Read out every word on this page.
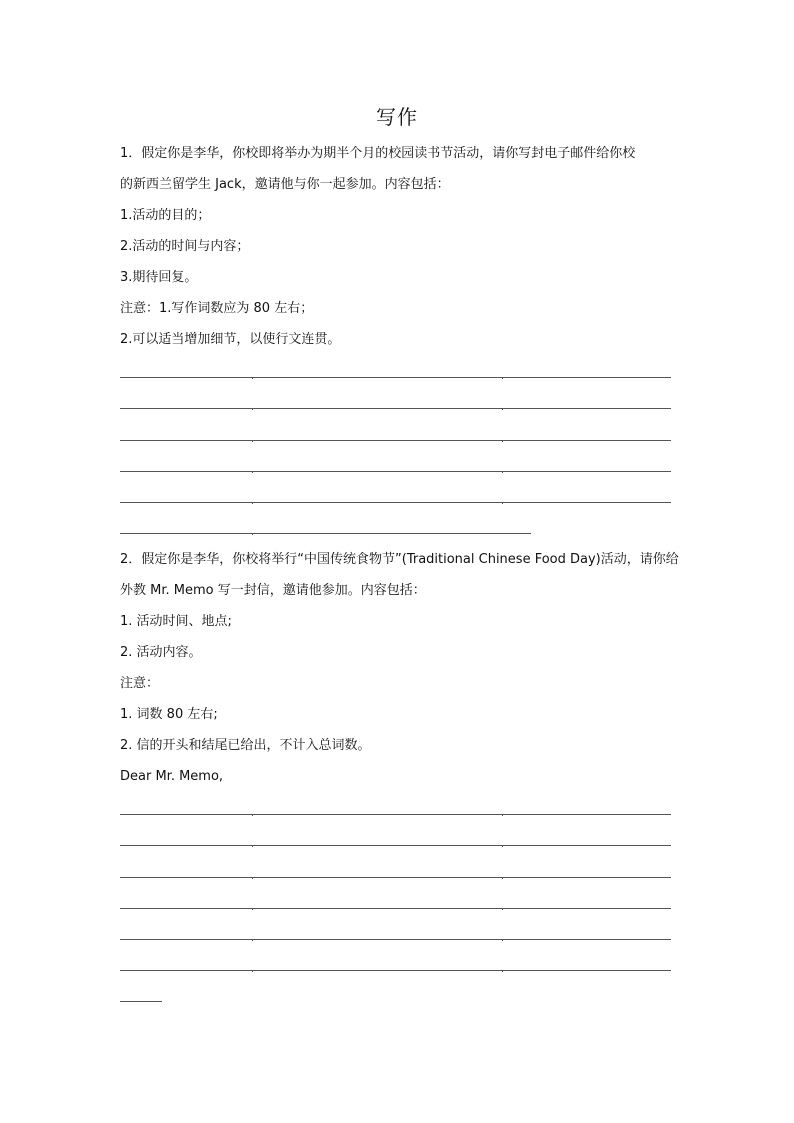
写作
1．假定你是李华，你校即将举办为期半个月的校园读书节活动，请你写封电子邮件给你校
的新西兰留学生 Jack，邀请他与你一起参加。内容包括：
1.活动的目的；
2.活动的时间与内容；
3.期待回复。
注意：1.写作词数应为 80 左右；
2.可以适当增加细节，以使行文连贯。
2．假定你是李华，你校将举行“中国传统食物节”(Traditional Chinese Food Day)活动，请你给
外教 Mr. Memo 写一封信，邀请他参加。内容包括：
1. 活动时间、地点;
2. 活动内容。
注意：
1. 词数 80 左右;
2. 信的开头和结尾已给出，不计入总词数。
Dear Mr. Memo,
